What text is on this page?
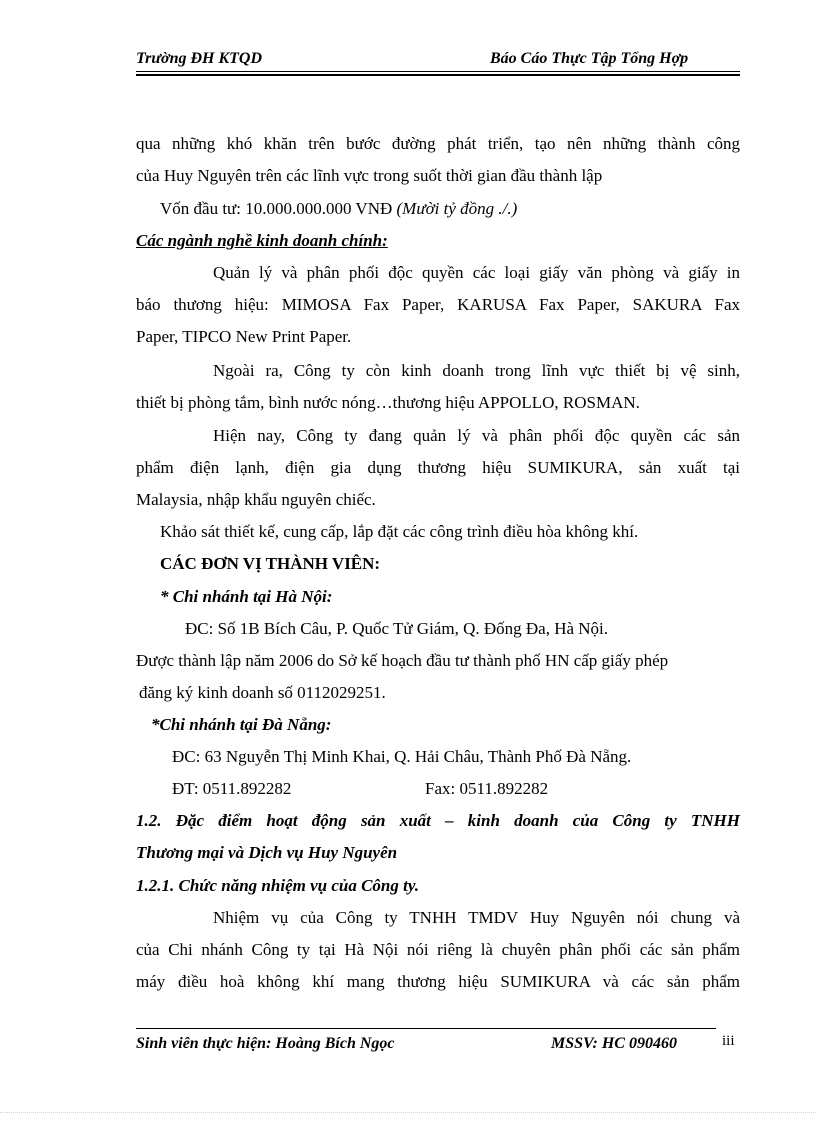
Trường ĐH KTQD	Báo Cáo Thực Tập Tổng Hợp
qua những khó khăn trên bước đường phát triển, tạo nên những thành công
của Huy Nguyên trên các lĩnh vực trong suốt thời gian đầu thành lập
Vốn đầu tư: 10.000.000.000 VNĐ (Mười tỷ đồng ./.)
Các ngành nghề kinh doanh chính:
Quản lý và phân phối độc quyền các loại giấy văn phòng và giấy in
báo thương hiệu: MIMOSA Fax Paper, KARUSA Fax Paper, SAKURA Fax
Paper, TIPCO New Print Paper.
Ngoài ra, Công ty còn kinh doanh trong lĩnh vực thiết bị vệ sinh,
thiết bị phòng tắm, bình nước nóng…thương hiệu APPOLLO, ROSMAN.
Hiện nay, Công ty đang quản lý và phân phối độc quyền các sản
phẩm điện lạnh, điện gia dụng thương hiệu SUMIKURA, sản xuất tại
Malaysia, nhập khẩu nguyên chiếc.
Khảo sát thiết kế, cung cấp, lắp đặt các công trình điều hòa không khí.
CÁC ĐƠN VỊ THÀNH VIÊN:
* Chi nhánh tại Hà Nội:
ĐC: Số 1B Bích Câu, P. Quốc Tử Giám, Q. Đống Đa, Hà Nội.
Được thành lập năm 2006 do Sở kế hoạch đầu tư thành phố HN cấp giấy phép
đăng ký kinh doanh số 0112029251.
*Chi nhánh tại Đà Nẵng:
ĐC: 63 Nguyễn Thị Minh Khai, Q. Hải Châu, Thành Phố Đà Nẵng.
ĐT: 0511.892282	Fax: 0511.892282
1.2. Đặc điểm hoạt động sản xuất – kinh doanh của Công ty TNHH
Thương mại và Dịch vụ Huy Nguyên
1.2.1. Chức năng nhiệm vụ của Công ty.
Nhiệm vụ của Công ty TNHH TMDV Huy Nguyên nói chung và
của Chi nhánh Công ty tại Hà Nội nói riêng là chuyên phân phối các sản phẩm
máy điều hoà không khí mang thương hiệu SUMIKURA và các sản phẩm
Sinh viên thực hiện: Hoàng Bích Ngọc	MSSV: HC 090460	iii
